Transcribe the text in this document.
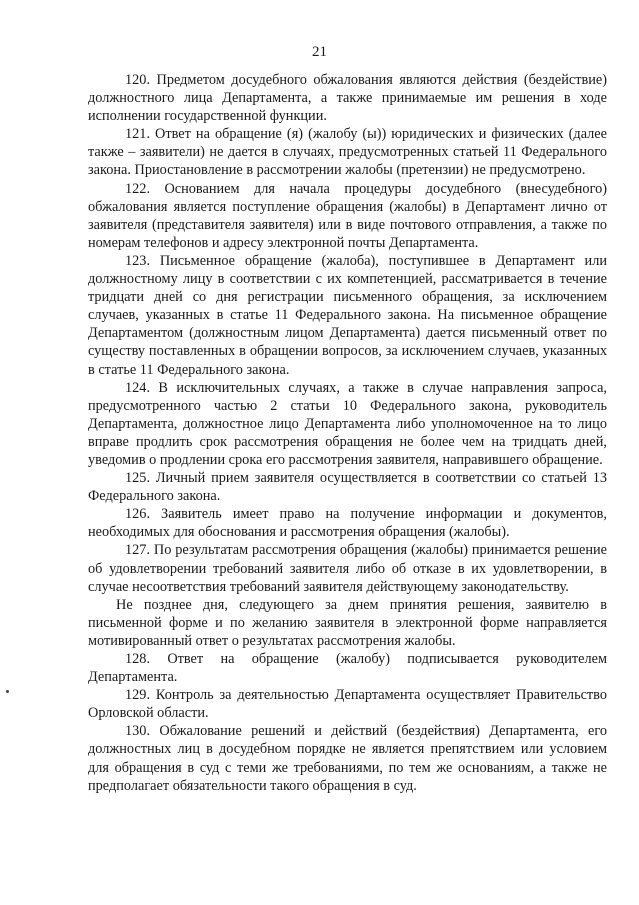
21

120. Предметом досудебного обжалования являются действия (бездействие) должностного лица Департамента, а также принимаемые им решения в ходе исполнении государственной функции.

121. Ответ на обращение (я) (жалобу (ы)) юридических и физических (далее также – заявители) не дается в случаях, предусмотренных статьей 11 Федерального закона. Приостановление в рассмотрении жалобы (претензии) не предусмотрено.

122. Основанием для начала процедуры досудебного (внесудебного) обжалования является поступление обращения (жалобы) в Департамент лично от заявителя (представителя заявителя) или в виде почтового отправления, а также по номерам телефонов и адресу электронной почты Департамента.

123. Письменное обращение (жалоба), поступившее в Департамент или должностному лицу в соответствии с их компетенцией, рассматривается в течение тридцати дней со дня регистрации письменного обращения, за исключением случаев, указанных в статье 11 Федерального закона. На письменное обращение Департаментом (должностным лицом Департамента) дается письменный ответ по существу поставленных в обращении вопросов, за исключением случаев, указанных в статье 11 Федерального закона.

124. В исключительных случаях, а также в случае направления запроса, предусмотренного частью 2 статьи 10 Федерального закона, руководитель Департамента, должностное лицо Департамента либо уполномоченное на то лицо вправе продлить срок рассмотрения обращения не более чем на тридцать дней, уведомив о продлении срока его рассмотрения заявителя, направившего обращение.

125. Личный прием заявителя осуществляется в соответствии со статьей 13 Федерального закона.

126. Заявитель имеет право на получение информации и документов, необходимых для обоснования и рассмотрения обращения (жалобы).

127. По результатам рассмотрения обращения (жалобы) принимается решение об удовлетворении требований заявителя либо об отказе в их удовлетворении, в случае несоответствия требований заявителя действующему законодательству.

Не позднее дня, следующего за днем принятия решения, заявителю в письменной форме и по желанию заявителя в электронной форме направляется мотивированный ответ о результатах рассмотрения жалобы.

128. Ответ на обращение (жалобу) подписывается руководителем Департамента.

129. Контроль за деятельностью Департамента осуществляет Правительство Орловской области.

130. Обжалование решений и действий (бездействия) Департамента, его должностных лиц в досудебном порядке не является препятствием или условием для обращения в суд с теми же требованиями, по тем же основаниям, а также не предполагает обязательности такого обращения в суд.
